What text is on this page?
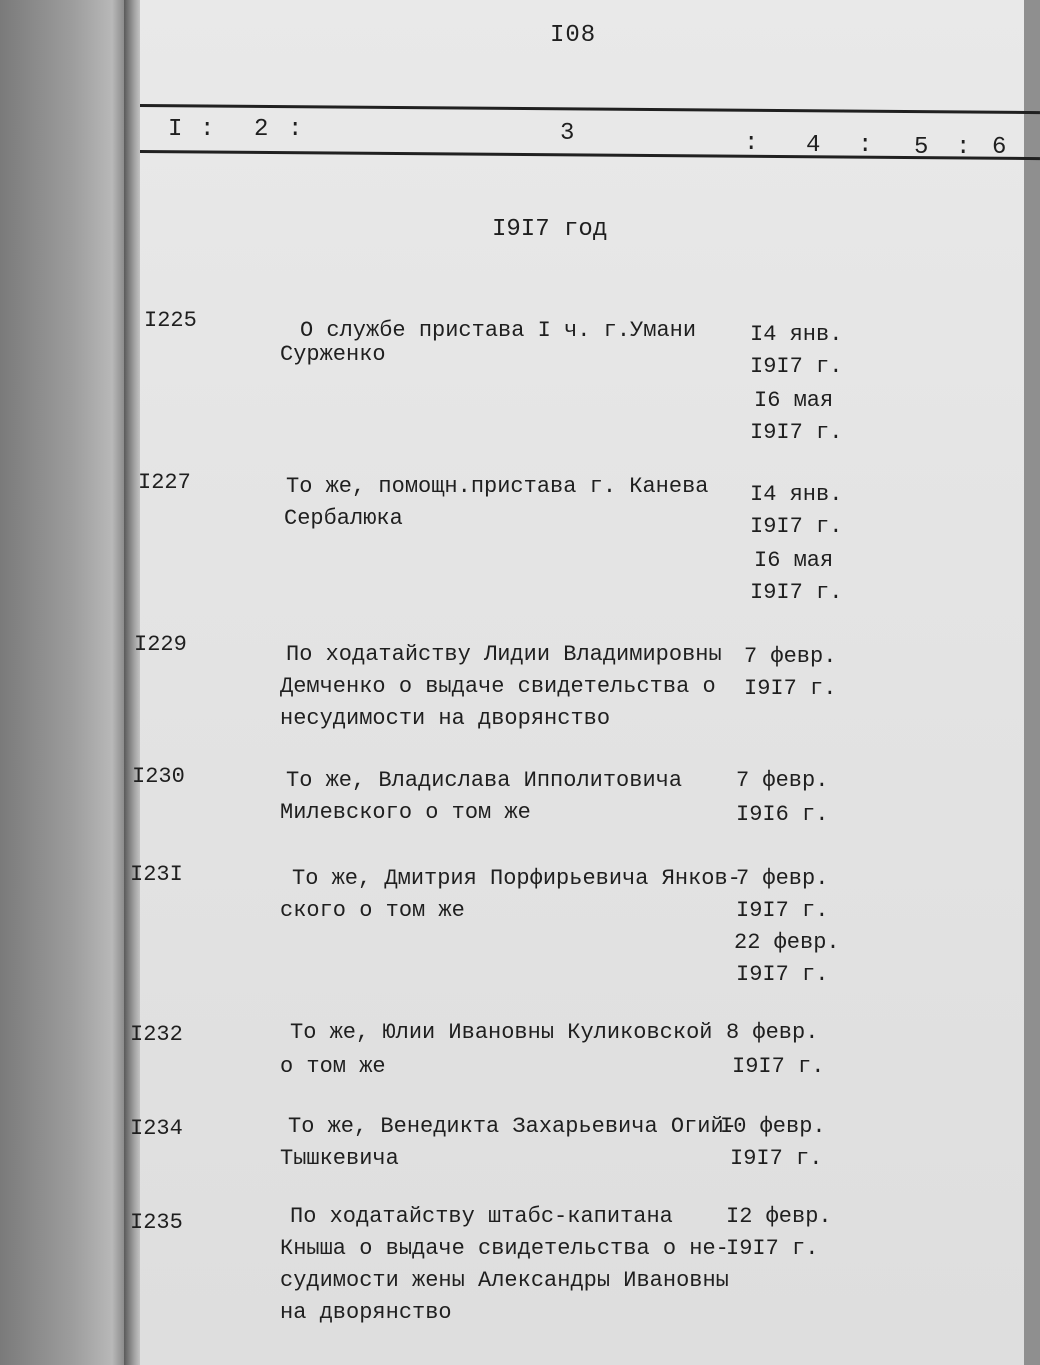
I08
I : 2 :	3	: 4 : 5 : 6
I9I7 год
I225	О службе пристава I ч. г.Умани
Сурженко
I4 янв.
I9I7 г.
I6 мая
I9I7 г.
I227	То же, помощн.пристава г. Канева
Сербалюка
I4 янв.
I9I7 г.
I6 мая
I9I7 г.
I229	По ходатайству Лидии Владимировны
Демченко о выдаче свидетельства о
несудимости на дворянство
7 февр.
I9I7 г.
I230	То же, Владислава Ипполитовича
Милевского о том же
7 февр.
I9I6 г.
I23I	То же, Дмитрия Порфирьевича Янков-
ского о том же
7 февр.
I9I7 г.
22 февр.
I9I7 г.
I232	То же, Юлии Ивановны Куликовской
о том же
8 февр.
I9I7 г.
I234	То же, Венедикта Захарьевича Огий-
Тышкевича
I0 февр.
I9I7 г.
I235	По ходатайству штабс-капитана
Кныша о выдаче свидетельства о не-
судимости жены Александры Ивановны
на дворянство
I2 февр.
I9I7 г.
